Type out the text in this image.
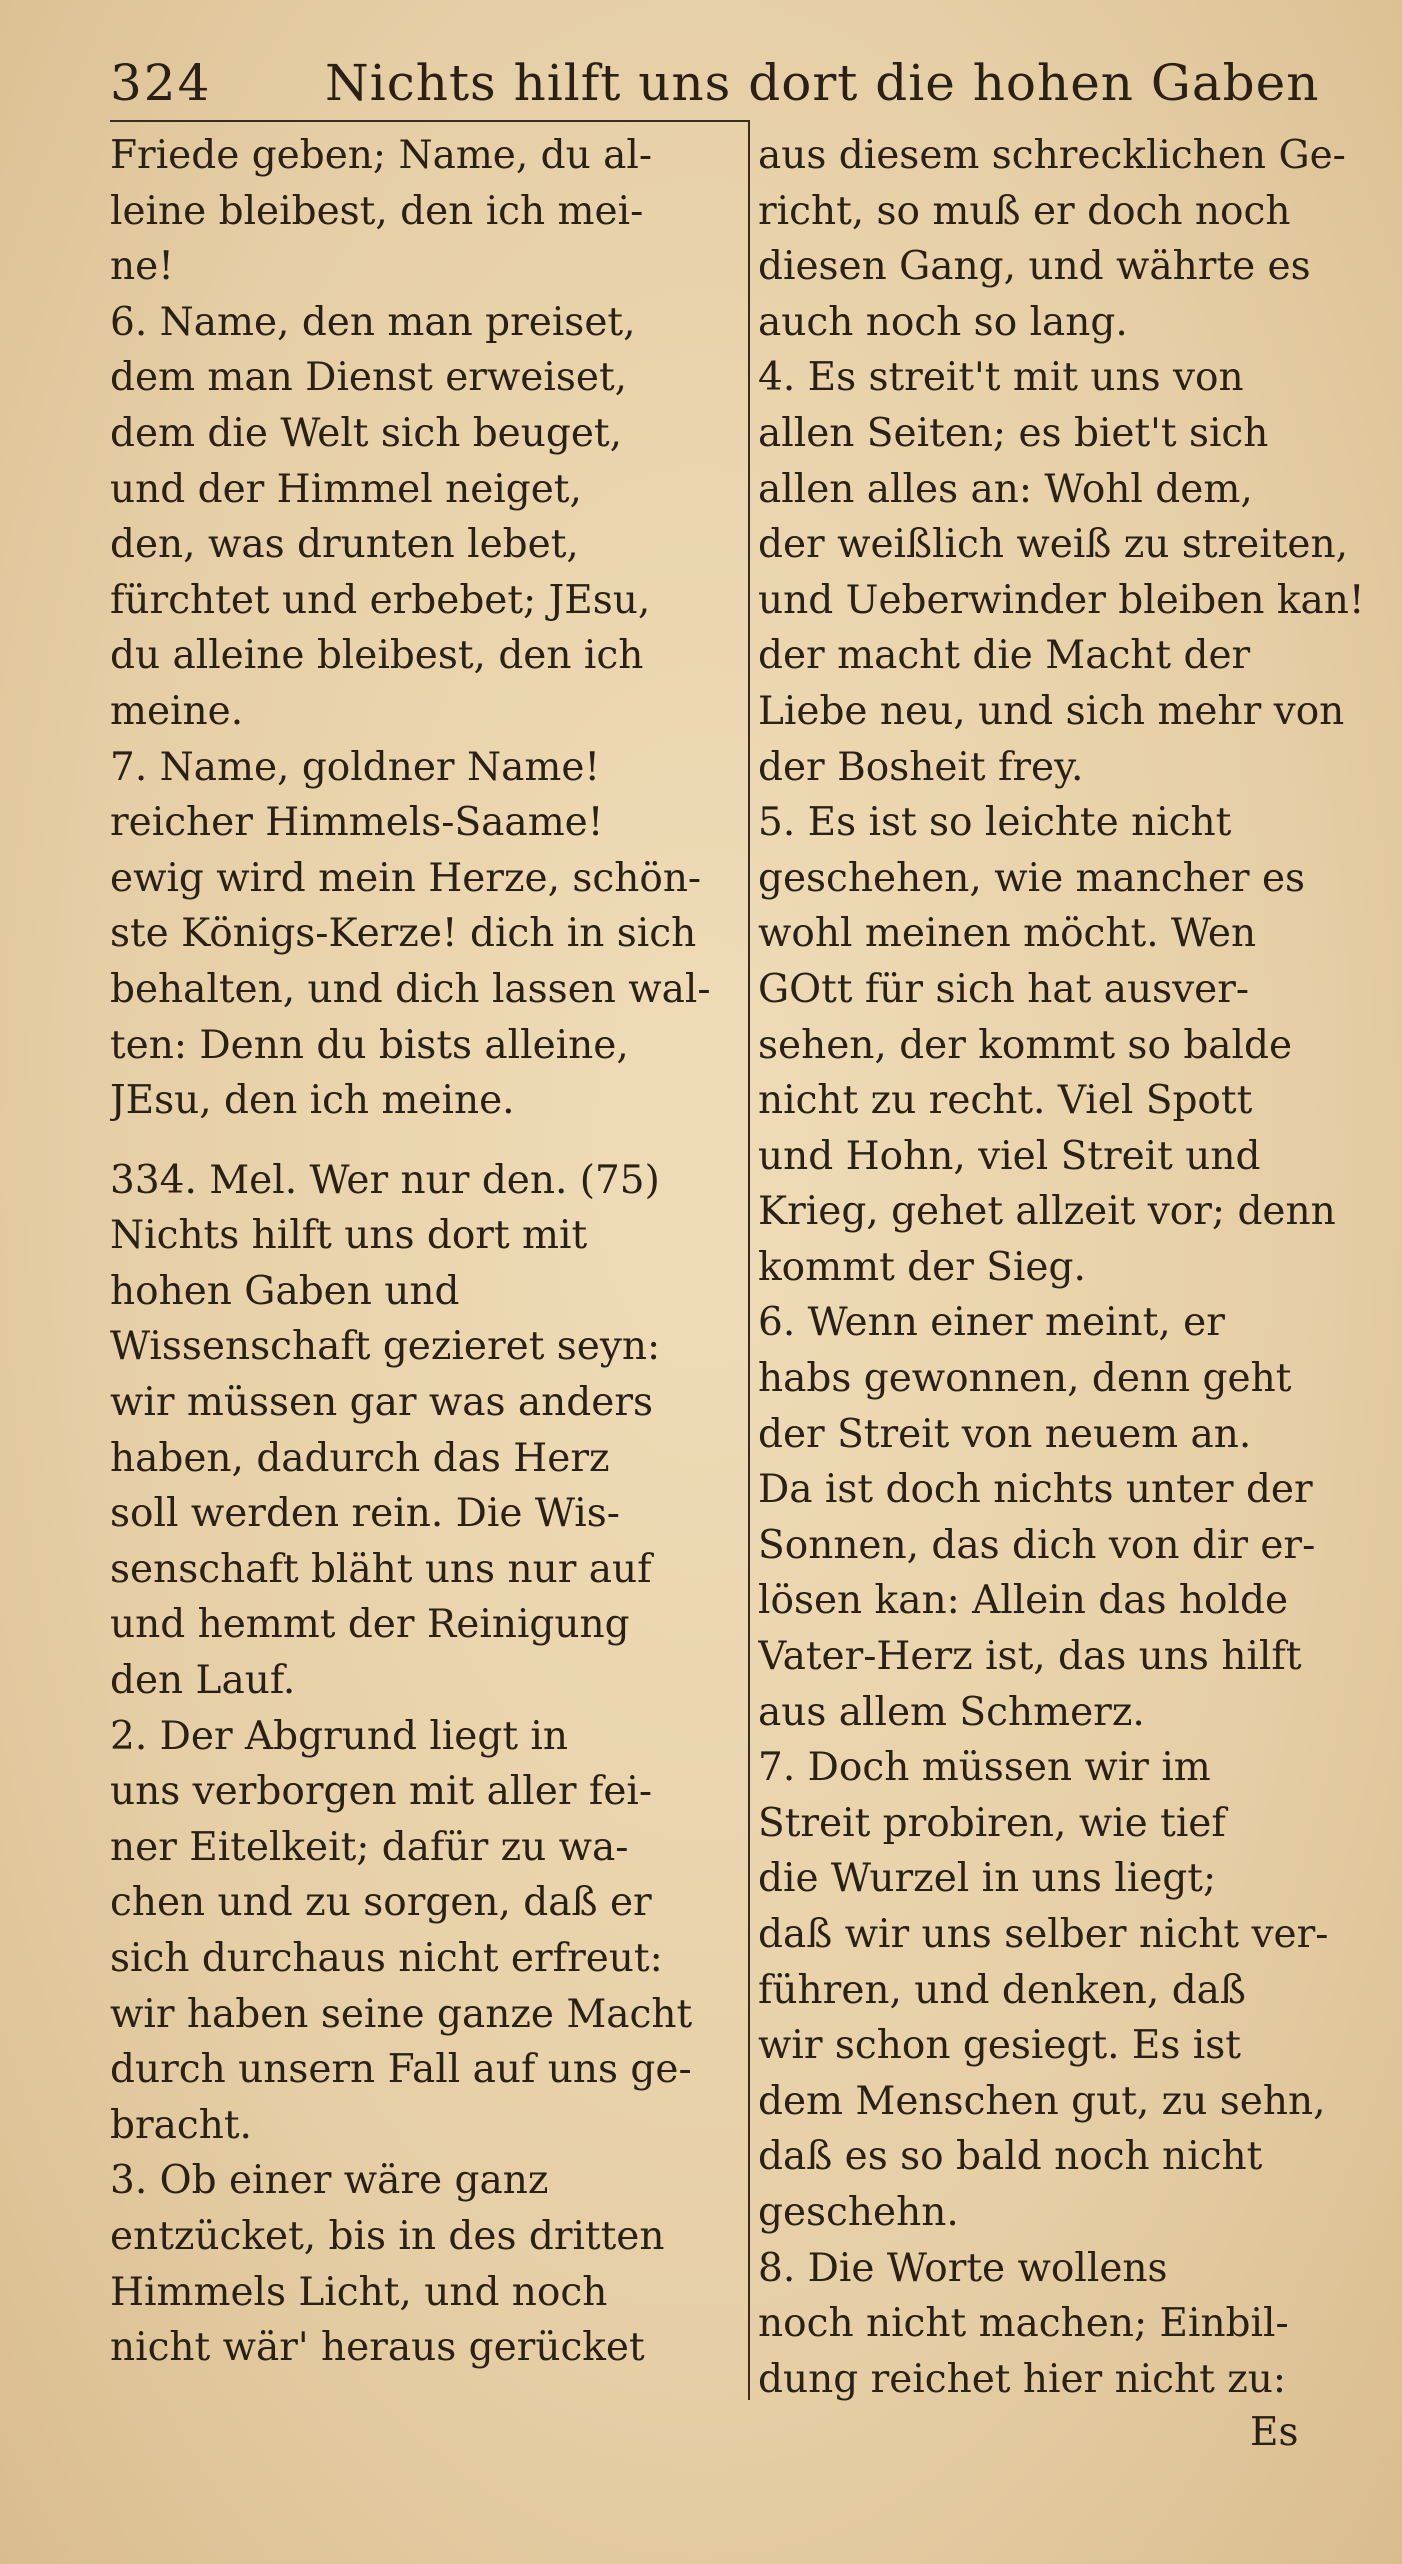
324 Nichts hilft uns dort die hohen Gaben
Friede geben; Name, du al-
leine bleibest, den ich mei-
ne!
6. Name, den man preiset,
dem man Dienst erweiset,
dem die Welt sich beuget,
und der Himmel neiget,
den, was drunten lebet,
fürchtet und erbebet; JEsu,
du alleine bleibest, den ich
meine.
7. Name, goldner Name!
reicher Himmels-Saame!
ewig wird mein Herze, schön-
ste Königs-Kerze! dich in sich
behalten, und dich lassen wal-
ten: Denn du bists alleine,
JEsu, den ich meine.
334. Mel. Wer nur den. (75)
Nichts hilft uns dort mit
hohen Gaben und
Wissenschaft gezieret seyn:
wir müssen gar was anders
haben, dadurch das Herz
soll werden rein. Die Wis-
senschaft bläht uns nur auf
und hemmt der Reinigung
den Lauf.
2. Der Abgrund liegt in
uns verborgen mit aller fei-
ner Eitelkeit; dafür zu wa-
chen und zu sorgen, daß er
sich durchaus nicht erfreut:
wir haben seine ganze Macht
durch unsern Fall auf uns ge-
bracht.
3. Ob einer wäre ganz
entzücket, bis in des dritten
Himmels Licht, und noch
nicht wär' heraus gerücket
aus diesem schrecklichen Ge-
richt, so muß er doch noch
diesen Gang, und währte es
auch noch so lang.
4. Es streit't mit uns von
allen Seiten; es biet't sich
allen alles an: Wohl dem,
der weißlich weiß zu streiten,
und Ueberwinder bleiben kan!
der macht die Macht der
Liebe neu, und sich mehr von
der Bosheit frey.
5. Es ist so leichte nicht
geschehen, wie mancher es
wohl meinen möcht. Wen
GOtt für sich hat ausver-
sehen, der kommt so balde
nicht zu recht. Viel Spott
und Hohn, viel Streit und
Krieg, gehet allzeit vor; denn
kommt der Sieg.
6. Wenn einer meint, er
habs gewonnen, denn geht
der Streit von neuem an.
Da ist doch nichts unter der
Sonnen, das dich von dir er-
lösen kan: Allein das holde
Vater-Herz ist, das uns hilft
aus allem Schmerz.
7. Doch müssen wir im
Streit probiren, wie tief
die Wurzel in uns liegt;
daß wir uns selber nicht ver-
führen, und denken, daß
wir schon gesiegt. Es ist
dem Menschen gut, zu sehn,
daß es so bald noch nicht
geschehn.
8. Die Worte wollens
noch nicht machen; Einbil-
dung reichet hier nicht zu:
Es
